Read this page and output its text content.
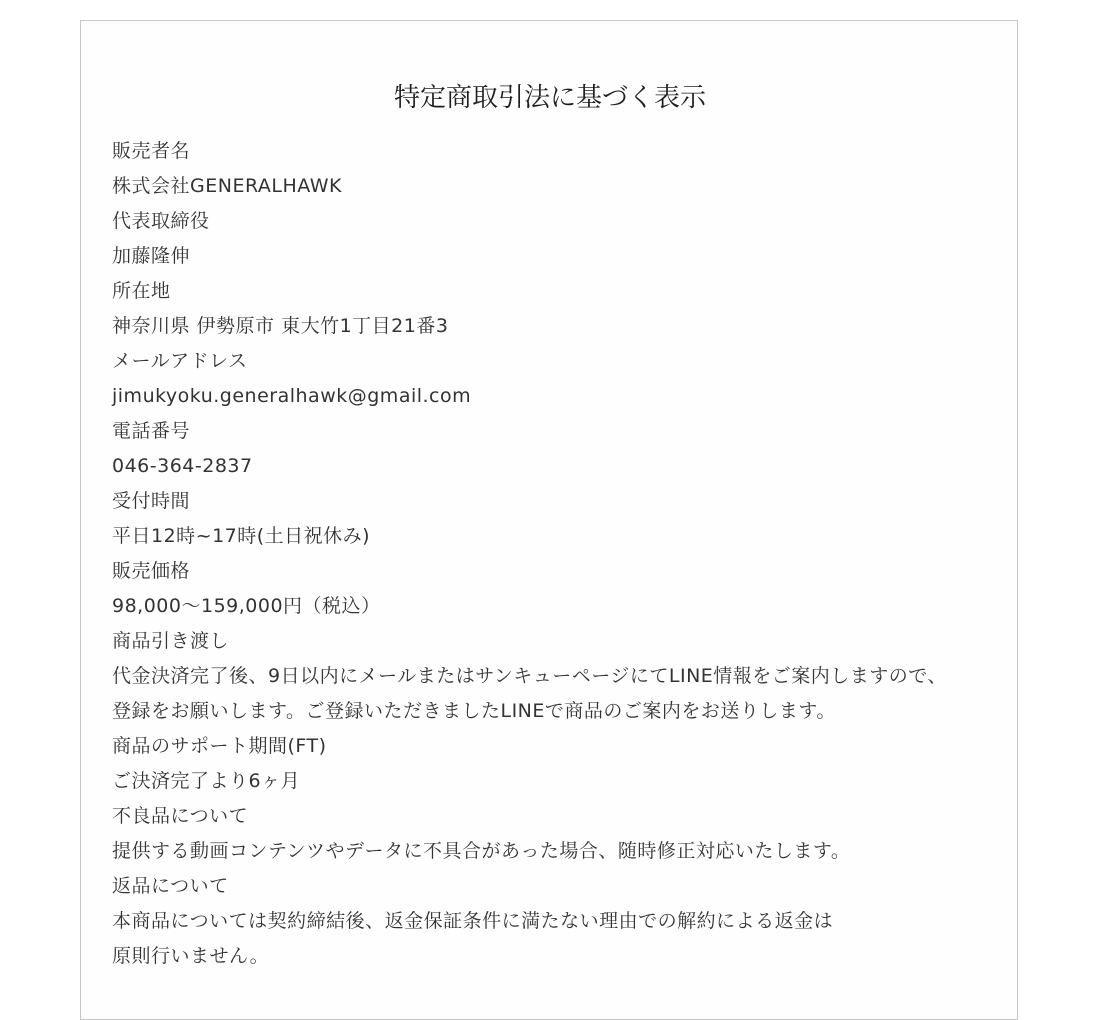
特定商取引法に基づく表示
販売者名
株式会社GENERALHAWK
代表取締役
加藤隆伸
所在地
神奈川県 伊勢原市 東大竹1丁目21番3
メールアドレス
jimukyoku.generalhawk@gmail.com
電話番号
046-364-2837
受付時間
平日12時~17時(土日祝休み)
販売価格
98,000〜159,000円（税込）
商品引き渡し
代金決済完了後、9日以内にメールまたはサンキューページにてLINE情報をご案内しますので、
登録をお願いします。ご登録いただきましたLINEで商品のご案内をお送りします。
商品のサポート期間(FT)
ご決済完了より6ヶ月
不良品について
提供する動画コンテンツやデータに不具合があった場合、随時修正対応いたします。
返品について
本商品については契約締結後、返金保証条件に満たない理由での解約による返金は
原則行いません。
